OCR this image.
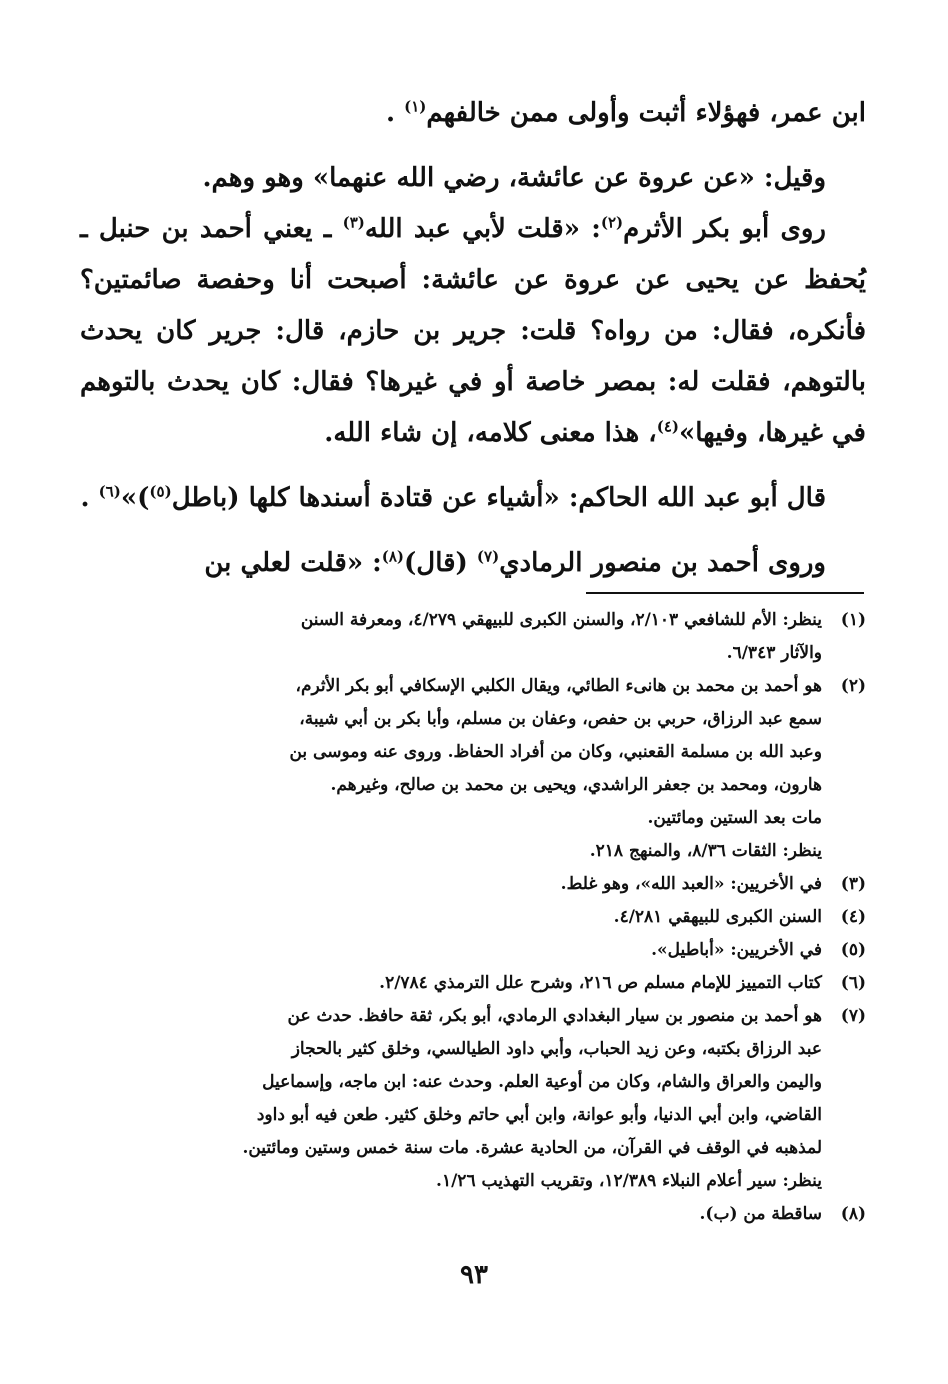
ابن عمر، فهؤلاء أثبت وأولى ممن خالفهم$^{(١)}$ .

وقيل: «عن عروة عن عائشة، رضي الله عنهما» وهو وهم.

روى أبو بكر الأثرم$^{(٢)}$: «قلت لأبي عبد الله$^{(٣)}$ ـ يعني أحمد بن حنبل ـ يُحفظ عن يحيى عن عروة عن عائشة: أصبحت أنا وحفصة صائمتين؟ فأنكره، فقال: من رواه؟ قلت: جرير بن حازم، قال: جرير كان يحدث بالتوهم، فقلت له: بمصر خاصة أو في غيرها؟ فقال: كان يحدث بالتوهم في غيرها، وفيها»$^{(٤)}$، هذا معنى كلامه، إن شاء الله.

قال أبو عبد الله الحاكم: «أشياء عن قتادة أسندها كلها (باطل$^{(٥)}$)»$^{(٦)}$ .

وروى أحمد بن منصور الرمادي$^{(٧)}$ (قال)$^{(٨)}$: «قلت لعلي بن

(١)
ينظر: الأم للشافعي ٢/١٠٣، والسنن الكبرى للبيهقي ٤/٢٧٩، ومعرفة السنن
والآثار ٦/٣٤٣.
(٢)
هو أحمد بن محمد بن هانىء الطائي، ويقال الكلبي الإسكافي أبو بكر الأثرم،
سمع عبد الرزاق، حربي بن حفص، وعفان بن مسلم، وأبا بكر بن أبي شيبة،
وعبد الله بن مسلمة القعنبي، وكان من أفراد الحفاظ. وروى عنه وموسى بن
هارون، ومحمد بن جعفر الراشدي، ويحيى بن محمد بن صالح، وغيرهم.
مات بعد الستين ومائتين.
ينظر: الثقات ٨/٣٦، والمنهج ٢١٨.
(٣)
في الأخريين: «العبد الله»، وهو غلط.
(٤)
السنن الكبرى للبيهقي ٤/٢٨١.
(٥)
في الأخريين: «أباطيل».
(٦)
كتاب التمييز للإمام مسلم ص ٢١٦، وشرح علل الترمذي ٢/٧٨٤.
(٧)
هو أحمد بن منصور بن سيار البغدادي الرمادي، أبو بكر، ثقة حافظ. حدث عن
عبد الرزاق بكتبه، وعن زيد الحباب، وأبي داود الطيالسي، وخلق كثير بالحجاز
واليمن والعراق والشام، وكان من أوعية العلم. وحدث عنه: ابن ماجه، وإسماعيل
القاضي، وابن أبي الدنيا، وأبو عوانة، وابن أبي حاتم وخلق كثير. طعن فيه أبو داود
لمذهبه في الوقف في القرآن، من الحادية عشرة. مات سنة خمس وستين ومائتين.
ينظر: سير أعلام النبلاء ١٢/٣٨٩، وتقريب التهذيب ١/٢٦.
(٨)
ساقطة من (ب).
٩٣
